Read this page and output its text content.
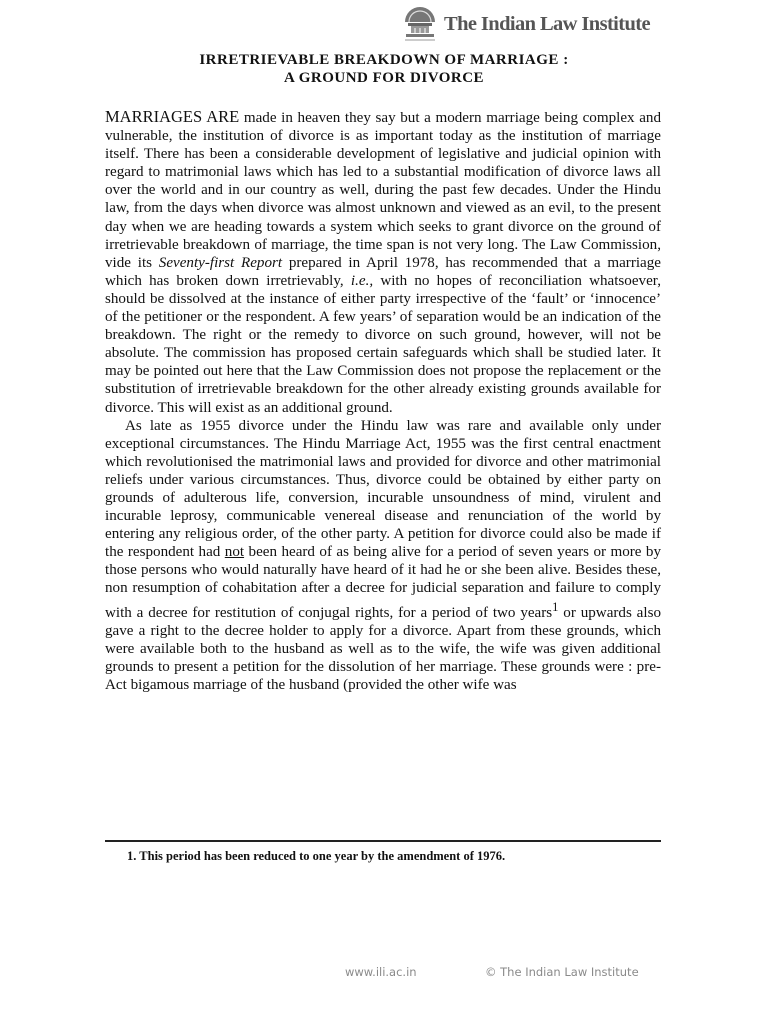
The Indian Law Institute
IRRETRIEVABLE BREAKDOWN OF MARRIAGE :
A GROUND FOR DIVORCE

MARRIAGES ARE made in heaven they say but a modern marriage being complex and vulnerable, the institution of divorce is as important today as the institution of marriage itself. There has been a considerable development of legislative and judicial opinion with regard to matrimonial laws which has led to a substantial modification of divorce laws all over the world and in our country as well, during the past few decades. Under the Hindu law, from the days when divorce was almost unknown and viewed as an evil, to the present day when we are heading towards a system which seeks to grant divorce on the ground of irretrievable breakdown of marriage, the time span is not very long. The Law Commission, vide its Seventy-first Report prepared in April 1978, has recommended that a marriage which has broken down irretrievably, i.e., with no hopes of reconciliation whatsoever, should be dissolved at the instance of either party irrespective of the ‘fault’ or ‘innocence’ of the petitioner or the respondent. A few years’ of separation would be an indication of the breakdown. The right or the remedy to divorce on such ground, however, will not be absolute. The commission has proposed certain safeguards which shall be studied later. It may be pointed out here that the Law Commission does not propose the replacement or the substitution of irretrievable breakdown for the other already existing grounds available for divorce. This will exist as an additional ground.

As late as 1955 divorce under the Hindu law was rare and available only under exceptional circumstances. The Hindu Marriage Act, 1955 was the first central enactment which revolutionised the matrimonial laws and provided for divorce and other matrimonial reliefs under various circumstances. Thus, divorce could be obtained by either party on grounds of adulterous life, conversion, incurable unsoundness of mind, virulent and incurable leprosy, communicable venereal disease and renunciation of the world by entering any religious order, of the other party. A petition for divorce could also be made if the respondent had not been heard of as being alive for a period of seven years or more by those persons who would naturally have heard of it had he or she been alive. Besides these, non resumption of cohabitation after a decree for judicial separation and failure to comply with a decree for restitution of conjugal rights, for a period of two years$^1$ or upwards also gave a right to the decree holder to apply for a divorce. Apart from these grounds, which were available both to the husband as well as to the wife, the wife was given additional grounds to present a petition for the dissolution of her marriage. These grounds were : pre-Act bigamous marriage of the husband (provided the other wife was

1. This period has been reduced to one year by the amendment of 1976.
www.ili.ac.in	© The Indian Law Institute
